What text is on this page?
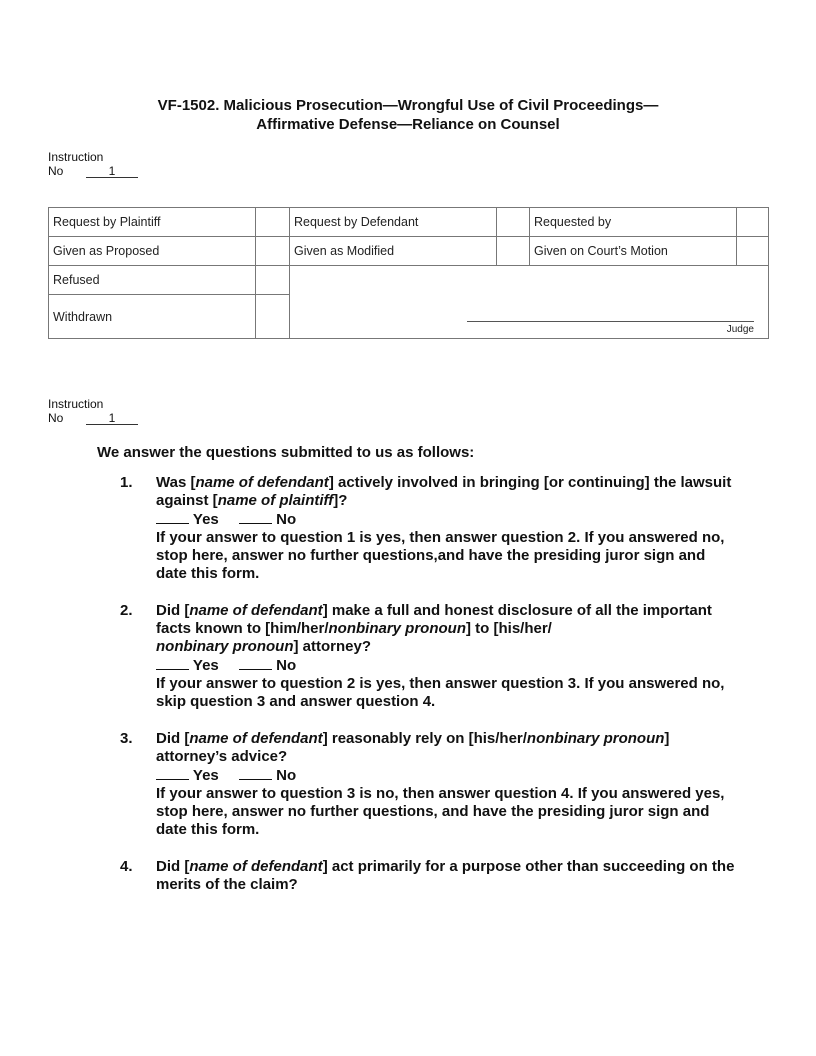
VF-1502. Malicious Prosecution—Wrongful Use of Civil Proceedings—
Affirmative Defense—Reliance on Counsel
Instruction
No	1
Request by Plaintiff		Request by Defendant		Requested by	
Given as Proposed		Given as Modified		Given on Court’s Motion	
Refused		Judge			

Withdrawn					
Instruction
No	1

We answer the questions submitted to us as follows:

1. Was [name of defendant] actively involved in bringing [or continuing] the lawsuit against [name of plaintiff]?

Yes	No

If your answer to question 1 is yes, then answer question 2. If you answered no, stop here, answer no further questions,and have the presiding juror sign and date this form.

2. Did [name of defendant] make a full and honest disclosure of all the important facts known to [him/her/nonbinary pronoun] to [his/her/
nonbinary pronoun] attorney?

Yes	No

If your answer to question 2 is yes, then answer question 3. If you answered no, skip question 3 and answer question 4.

3. Did [name of defendant] reasonably rely on [his/her/nonbinary pronoun] attorney’s advice?

Yes	No

If your answer to question 3 is no, then answer question 4. If you answered yes, stop here, answer no further questions, and have the presiding juror sign and date this form.

4. Did [name of defendant] act primarily for a purpose other than succeeding on the merits of the claim?
